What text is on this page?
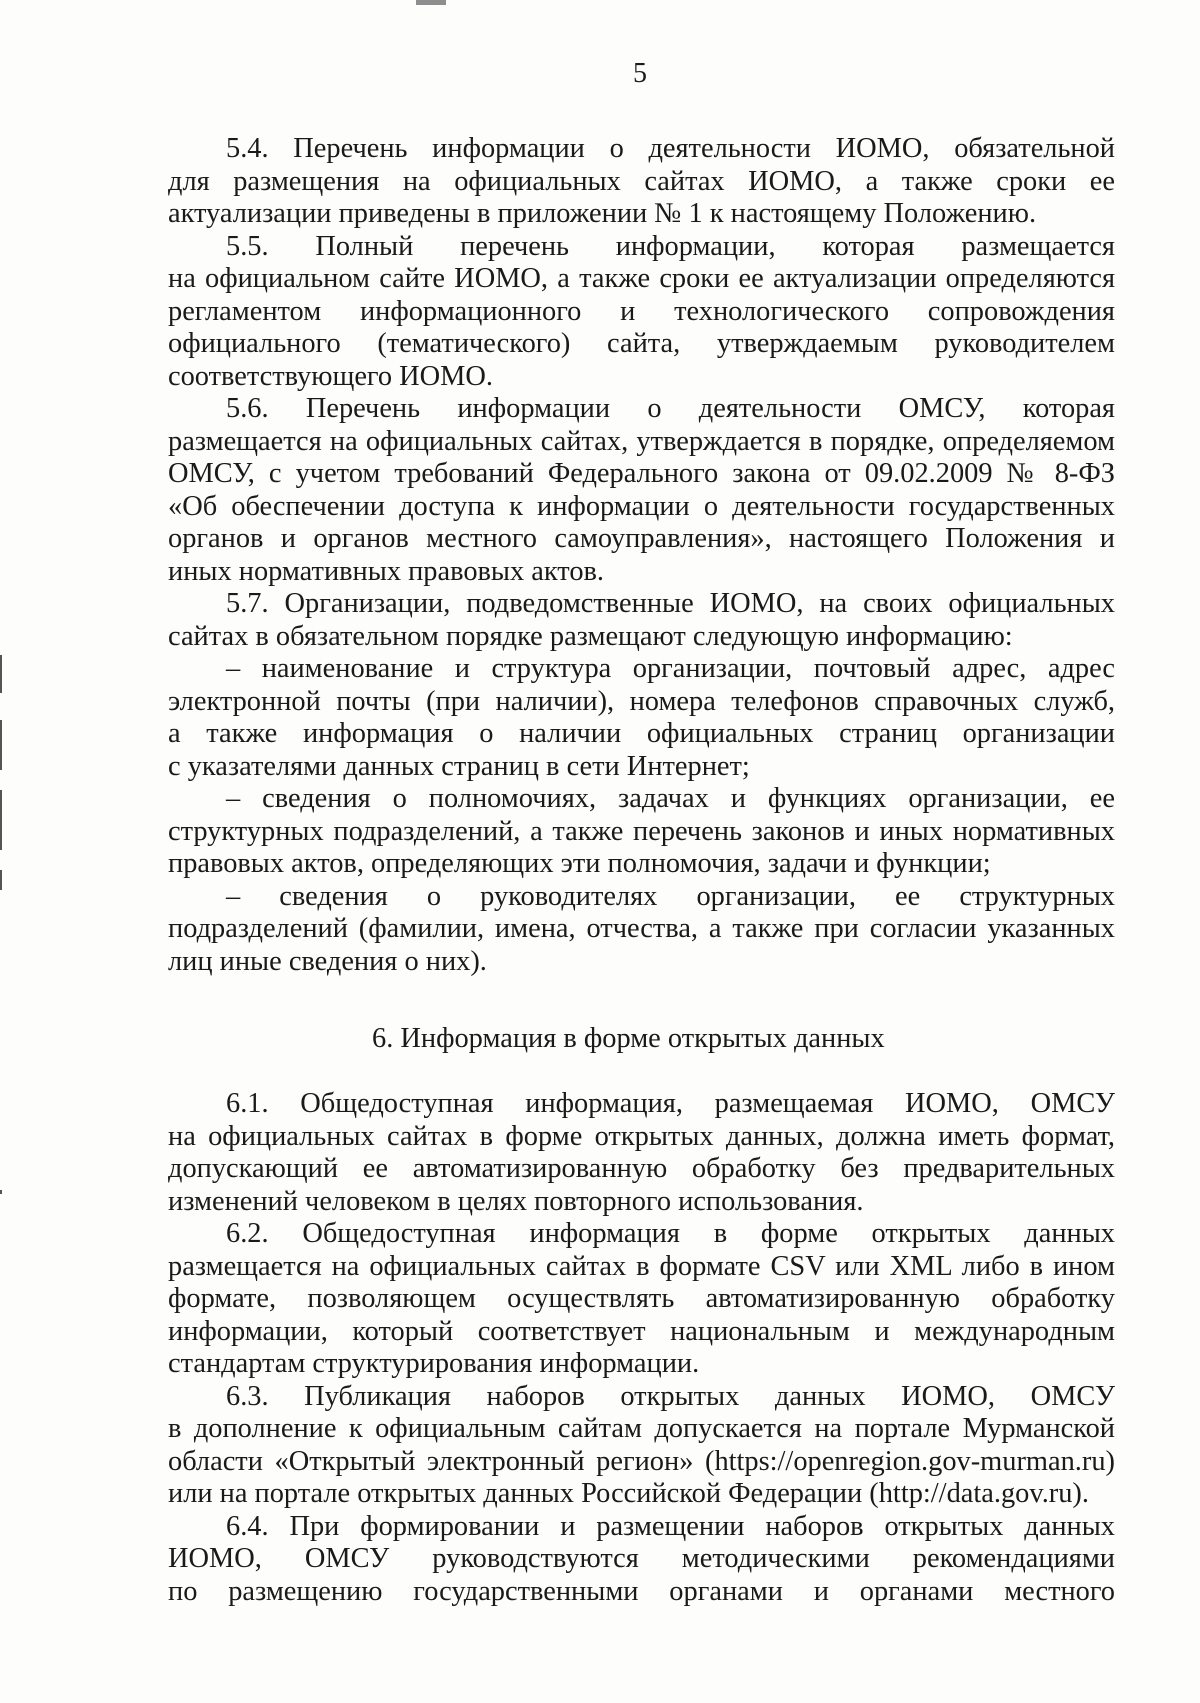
5

5.4. Перечень информации о деятельности ИОМО, обязательной

для размещения на официальных сайтах ИОМО, а также сроки ее

актуализации приведены в приложении № 1 к настоящему Положению.

5.5. Полный перечень информации, которая размещается

на официальном сайте ИОМО, а также сроки ее актуализации определяются

регламентом информационного и технологического сопровождения

официального (тематического) сайта, утверждаемым руководителем

соответствующего ИОМО.

5.6. Перечень информации о деятельности ОМСУ, которая

размещается на официальных сайтах, утверждается в порядке, определяемом

ОМСУ, с учетом требований Федерального закона от 09.02.2009 № 8-ФЗ

«Об обеспечении доступа к информации о деятельности государственных

органов и органов местного самоуправления», настоящего Положения и

иных нормативных правовых актов.

5.7. Организации, подведомственные ИОМО, на своих официальных

сайтах в обязательном порядке размещают следующую информацию:

– наименование и структура организации, почтовый адрес, адрес

электронной почты (при наличии), номера телефонов справочных служб,

а также информация о наличии официальных страниц организации

с указателями данных страниц в сети Интернет;

– сведения о полномочиях, задачах и функциях организации, ее

структурных подразделений, а также перечень законов и иных нормативных

правовых актов, определяющих эти полномочия, задачи и функции;

– сведения о руководителях организации, ее структурных

подразделений (фамилии, имена, отчества, а также при согласии указанных

лиц иные сведения о них).

6. Информация в форме открытых данных

6.1. Общедоступная информация, размещаемая ИОМО, ОМСУ

на официальных сайтах в форме открытых данных, должна иметь формат,

допускающий ее автоматизированную обработку без предварительных

изменений человеком в целях повторного использования.

6.2. Общедоступная информация в форме открытых данных

размещается на официальных сайтах в формате CSV или XML либо в ином

формате, позволяющем осуществлять автоматизированную обработку

информации, который соответствует национальным и международным

стандартам структурирования информации.

6.3. Публикация наборов открытых данных ИОМО, ОМСУ

в дополнение к официальным сайтам допускается на портале Мурманской

области «Открытый электронный регион» (https://openregion.gov-murman.ru)

или на портале открытых данных Российской Федерации (http://data.gov.ru).

6.4. При формировании и размещении наборов открытых данных

ИОМО, ОМСУ руководствуются методическими рекомендациями

по размещению государственными органами и органами местного
